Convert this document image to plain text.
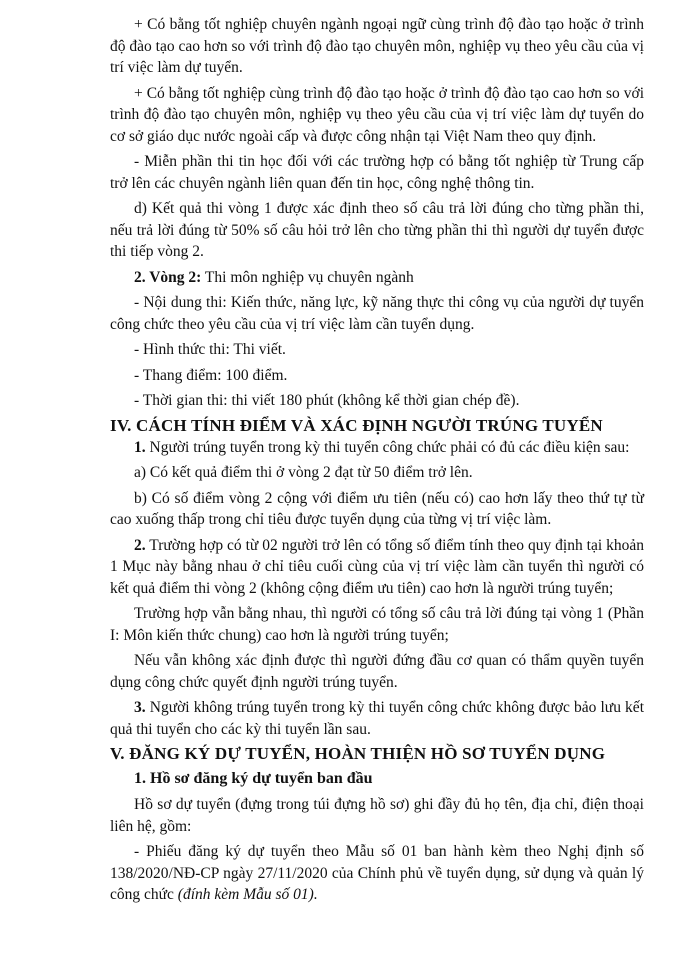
+ Có bằng tốt nghiệp chuyên ngành ngoại ngữ cùng trình độ đào tạo hoặc ở trình độ đào tạo cao hơn so với trình độ đào tạo chuyên môn, nghiệp vụ theo yêu cầu của vị trí việc làm dự tuyển.

+ Có bằng tốt nghiệp cùng trình độ đào tạo hoặc ở trình độ đào tạo cao hơn so với trình độ đào tạo chuyên môn, nghiệp vụ theo yêu cầu của vị trí việc làm dự tuyển do cơ sở giáo dục nước ngoài cấp và được công nhận tại Việt Nam theo quy định.

- Miễn phần thi tin học đối với các trường hợp có bằng tốt nghiệp từ Trung cấp trở lên các chuyên ngành liên quan đến tin học, công nghệ thông tin.

d) Kết quả thi vòng 1 được xác định theo số câu trả lời đúng cho từng phần thi, nếu trả lời đúng từ 50% số câu hỏi trở lên cho từng phần thi thì người dự tuyển được thi tiếp vòng 2.

2. Vòng 2: Thi môn nghiệp vụ chuyên ngành

- Nội dung thi: Kiến thức, năng lực, kỹ năng thực thi công vụ của người dự tuyển công chức theo yêu cầu của vị trí việc làm cần tuyển dụng.

- Hình thức thi: Thi viết.

- Thang điểm: 100 điểm.

- Thời gian thi: thi viết 180 phút (không kể thời gian chép đề).

IV. CÁCH TÍNH ĐIỂM VÀ XÁC ĐỊNH NGƯỜI TRÚNG TUYỂN

1. Người trúng tuyển trong kỳ thi tuyển công chức phải có đủ các điều kiện sau:

a) Có kết quả điểm thi ở vòng 2 đạt từ 50 điểm trở lên.

b) Có số điểm vòng 2 cộng với điểm ưu tiên (nếu có) cao hơn lấy theo thứ tự từ cao xuống thấp trong chỉ tiêu được tuyển dụng của từng vị trí việc làm.

2. Trường hợp có từ 02 người trở lên có tổng số điểm tính theo quy định tại khoản 1 Mục này bằng nhau ở chỉ tiêu cuối cùng của vị trí việc làm cần tuyển thì người có kết quả điểm thi vòng 2 (không cộng điểm ưu tiên) cao hơn là người trúng tuyển;

Trường hợp vẫn bằng nhau, thì người có tổng số câu trả lời đúng tại vòng 1 (Phần I: Môn kiến thức chung) cao hơn là người trúng tuyển;

Nếu vẫn không xác định được thì người đứng đầu cơ quan có thẩm quyền tuyển dụng công chức quyết định người trúng tuyển.

3. Người không trúng tuyển trong kỳ thi tuyển công chức không được bảo lưu kết quả thi tuyển cho các kỳ thi tuyển lần sau.

V. ĐĂNG KÝ DỰ TUYỂN, HOÀN THIỆN HỒ SƠ TUYỂN DỤNG

1. Hồ sơ đăng ký dự tuyển ban đầu

Hồ sơ dự tuyển (đựng trong túi đựng hồ sơ) ghi đầy đủ họ tên, địa chỉ, điện thoại liên hệ, gồm:

- Phiếu đăng ký dự tuyển theo Mẫu số 01 ban hành kèm theo Nghị định số 138/2020/NĐ-CP ngày 27/11/2020 của Chính phủ về tuyển dụng, sử dụng và quản lý công chức (đính kèm Mẫu số 01).
